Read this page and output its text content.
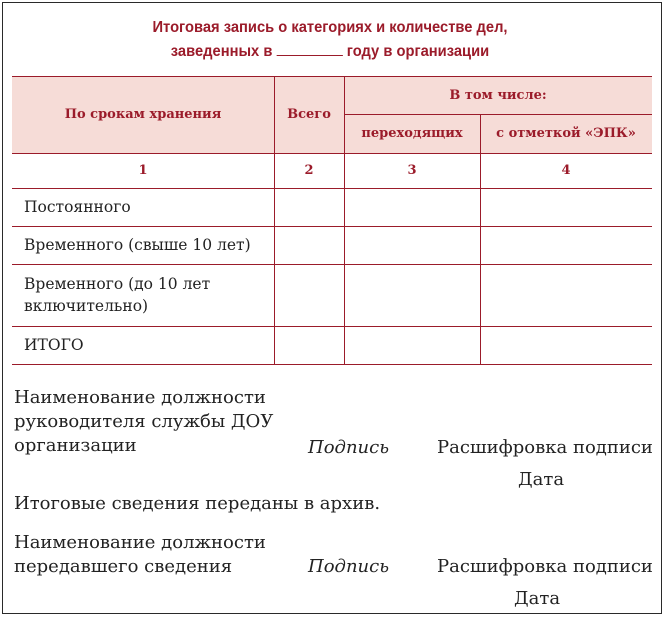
Итоговая запись о категориях и количестве дел,
заведенных в	году в организации
По срокам хранения	Всего
В том числе:
переходящих	с отметкой «ЭПК»
1	2	3	4
Постоянного
Временного (свыше 10 лет)
Временного (до 10 лет включительно)
ИТОГО
Наименование должности руководителя службы ДОУ организации	Подпись	Расшифровка подписи
Дата
Итоговые сведения переданы в архив.
Наименование должности передавшего сведения	Подпись	Расшифровка подписи
Дата
